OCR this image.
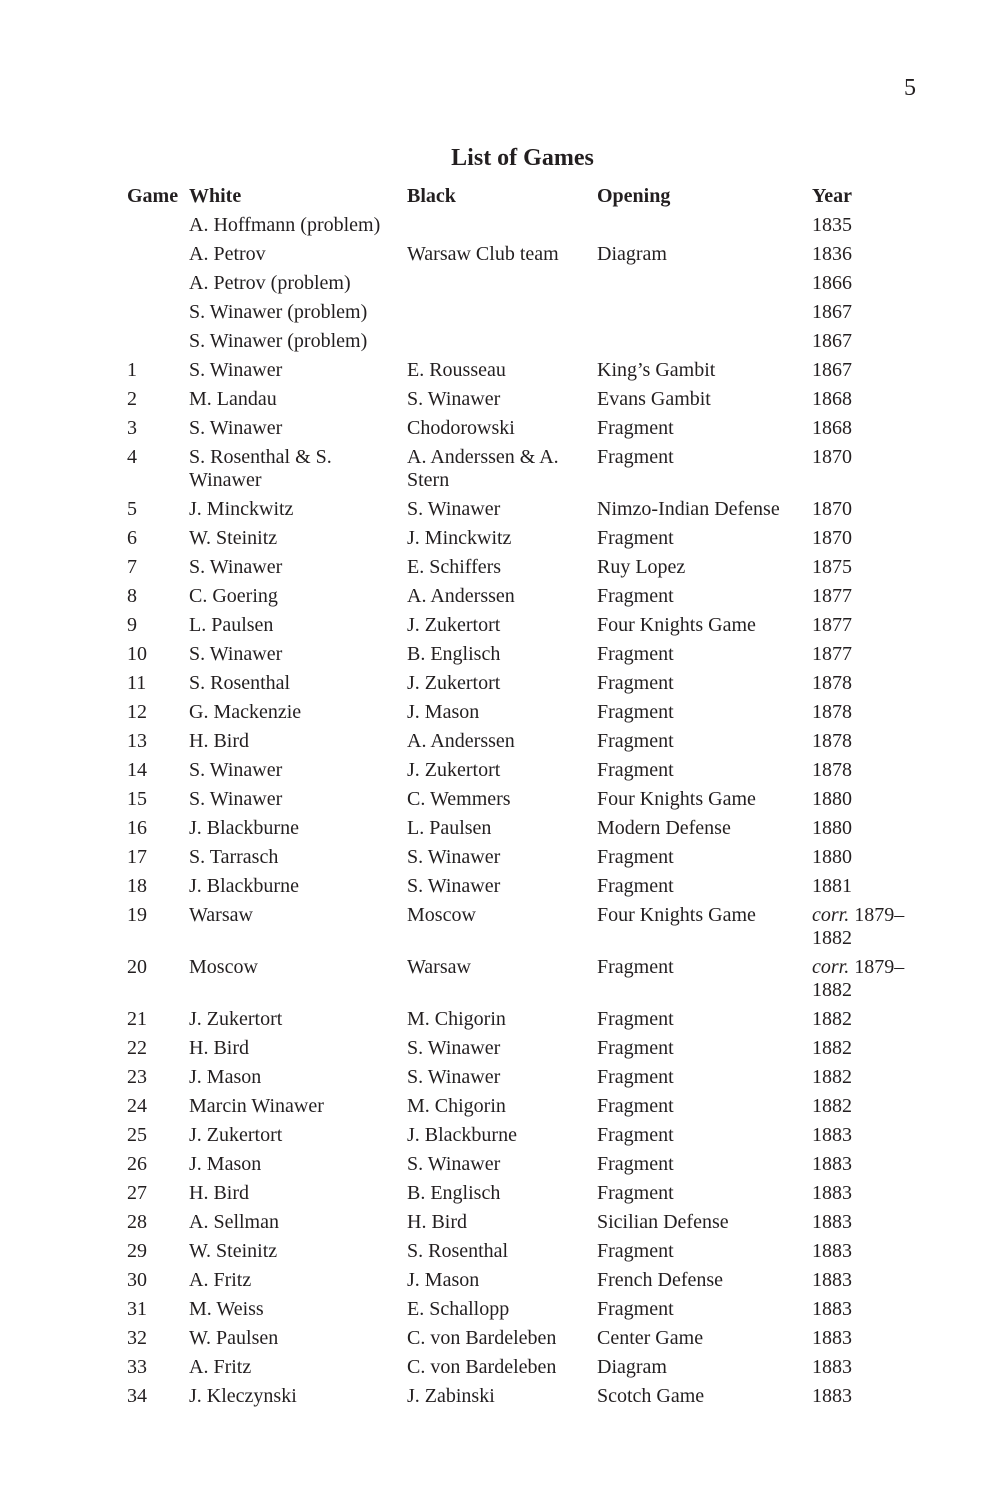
5
List of Games
Game	White	Black	Opening	Year
	A. Hoffmann (problem)			1835
	A. Petrov	Warsaw Club team	Diagram	1836
	A. Petrov (problem)			1866
	S. Winawer (problem)			1867
	S. Winawer (problem)			1867
1	S. Winawer	E. Rousseau	King’s Gambit	1867
2	M. Landau	S. Winawer	Evans Gambit	1868
3	S. Winawer	Chodorowski	Fragment	1868
4	S. Rosenthal & S. Winawer	A. Anderssen & A. Stern	Fragment	1870
5	J. Minckwitz	S. Winawer	Nimzo-Indian Defense	1870
6	W. Steinitz	J. Minckwitz	Fragment	1870
7	S. Winawer	E. Schiffers	Ruy Lopez	1875
8	C. Goering	A. Anderssen	Fragment	1877
9	L. Paulsen	J. Zukertort	Four Knights Game	1877
10	S. Winawer	B. Englisch	Fragment	1877
11	S. Rosenthal	J. Zukertort	Fragment	1878
12	G. Mackenzie	J. Mason	Fragment	1878
13	H. Bird	A. Anderssen	Fragment	1878
14	S. Winawer	J. Zukertort	Fragment	1878
15	S. Winawer	C. Wemmers	Four Knights Game	1880
16	J. Blackburne	L. Paulsen	Modern Defense	1880
17	S. Tarrasch	S. Winawer	Fragment	1880
18	J. Blackburne	S. Winawer	Fragment	1881
19	Warsaw	Moscow	Four Knights Game	corr. 1879–1882
20	Moscow	Warsaw	Fragment	corr. 1879–1882
21	J. Zukertort	M. Chigorin	Fragment	1882
22	H. Bird	S. Winawer	Fragment	1882
23	J. Mason	S. Winawer	Fragment	1882
24	Marcin Winawer	M. Chigorin	Fragment	1882
25	J. Zukertort	J. Blackburne	Fragment	1883
26	J. Mason	S. Winawer	Fragment	1883
27	H. Bird	B. Englisch	Fragment	1883
28	A. Sellman	H. Bird	Sicilian Defense	1883
29	W. Steinitz	S. Rosenthal	Fragment	1883
30	A. Fritz	J. Mason	French Defense	1883
31	M. Weiss	E. Schallopp	Fragment	1883
32	W. Paulsen	C. von Bardeleben	Center Game	1883
33	A. Fritz	C. von Bardeleben	Diagram	1883
34	J. Kleczynski	J. Zabinski	Scotch Game	1883
